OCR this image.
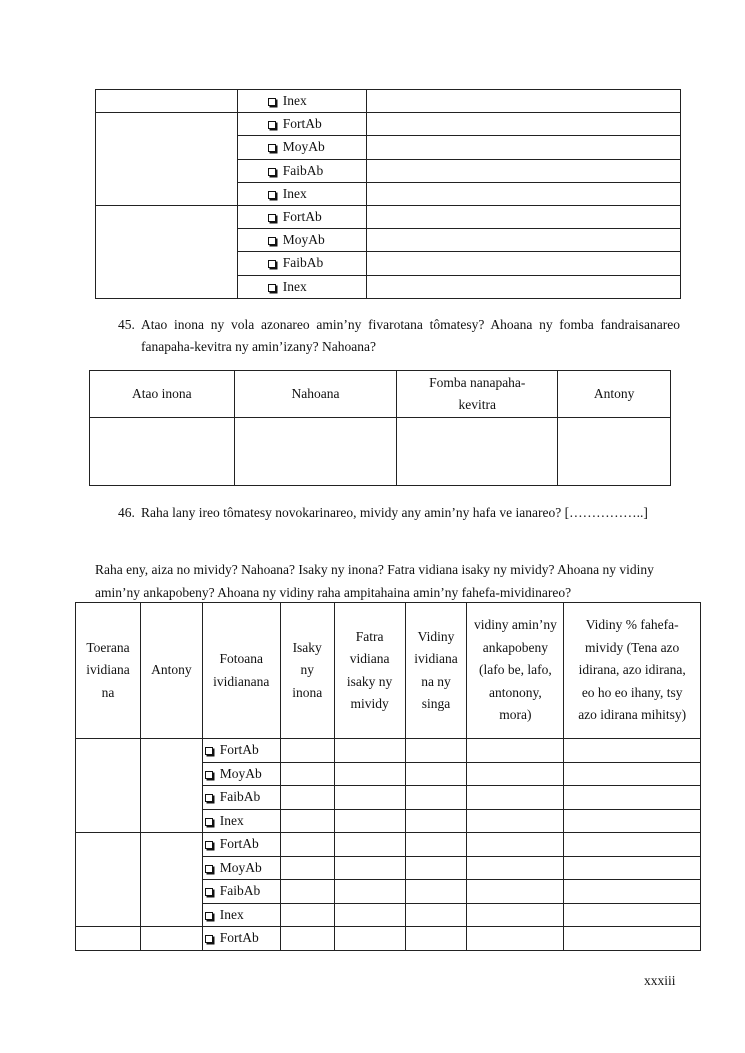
	Inex	
	FortAb	
	MoyAb	
	FaibAb	
	Inex	
	FortAb	
	MoyAb	
	FaibAb	
	Inex	
45. Atao inona ny vola azonareo amin’ny fivarotana tômatesy? Ahoana ny fomba fandraisanareo fanapaha-kevitra ny amin’izany? Nahoana?
Atao inona	Nahoana	Fomba nanapaha-kevitra	Antony

46. Raha lany ireo tômatesy novokarinareo, mividy any amin’ny hafa ve ianareo? [……………..]
Raha eny, aiza no mividy? Nahoana? Isaky ny inona? Fatra vidiana isaky ny mividy? Ahoana ny vidiny amin’ny ankapobeny? Ahoana ny vidiny raha ampitahaina amin’ny fahefa-mividinareo?
Toerana ividiana na	Antony	Fotoana ividianana	Isaky ny inona	Fatra vidiana isaky ny mividy	Vidiny ividiana na ny singa	vidiny amin’ny ankapobeny (lafo be, lafo, antonony, mora)	Vidiny % fahefa-mividy (Tena azo idirana, azo idirana, eo ho eo ihany, tsy azo idirana mihitsy)
		FortAb					
		MoyAb					
		FaibAb					
		Inex					
		FortAb					
		MoyAb					
		FaibAb					
		Inex					
		FortAb					
xxxiii
